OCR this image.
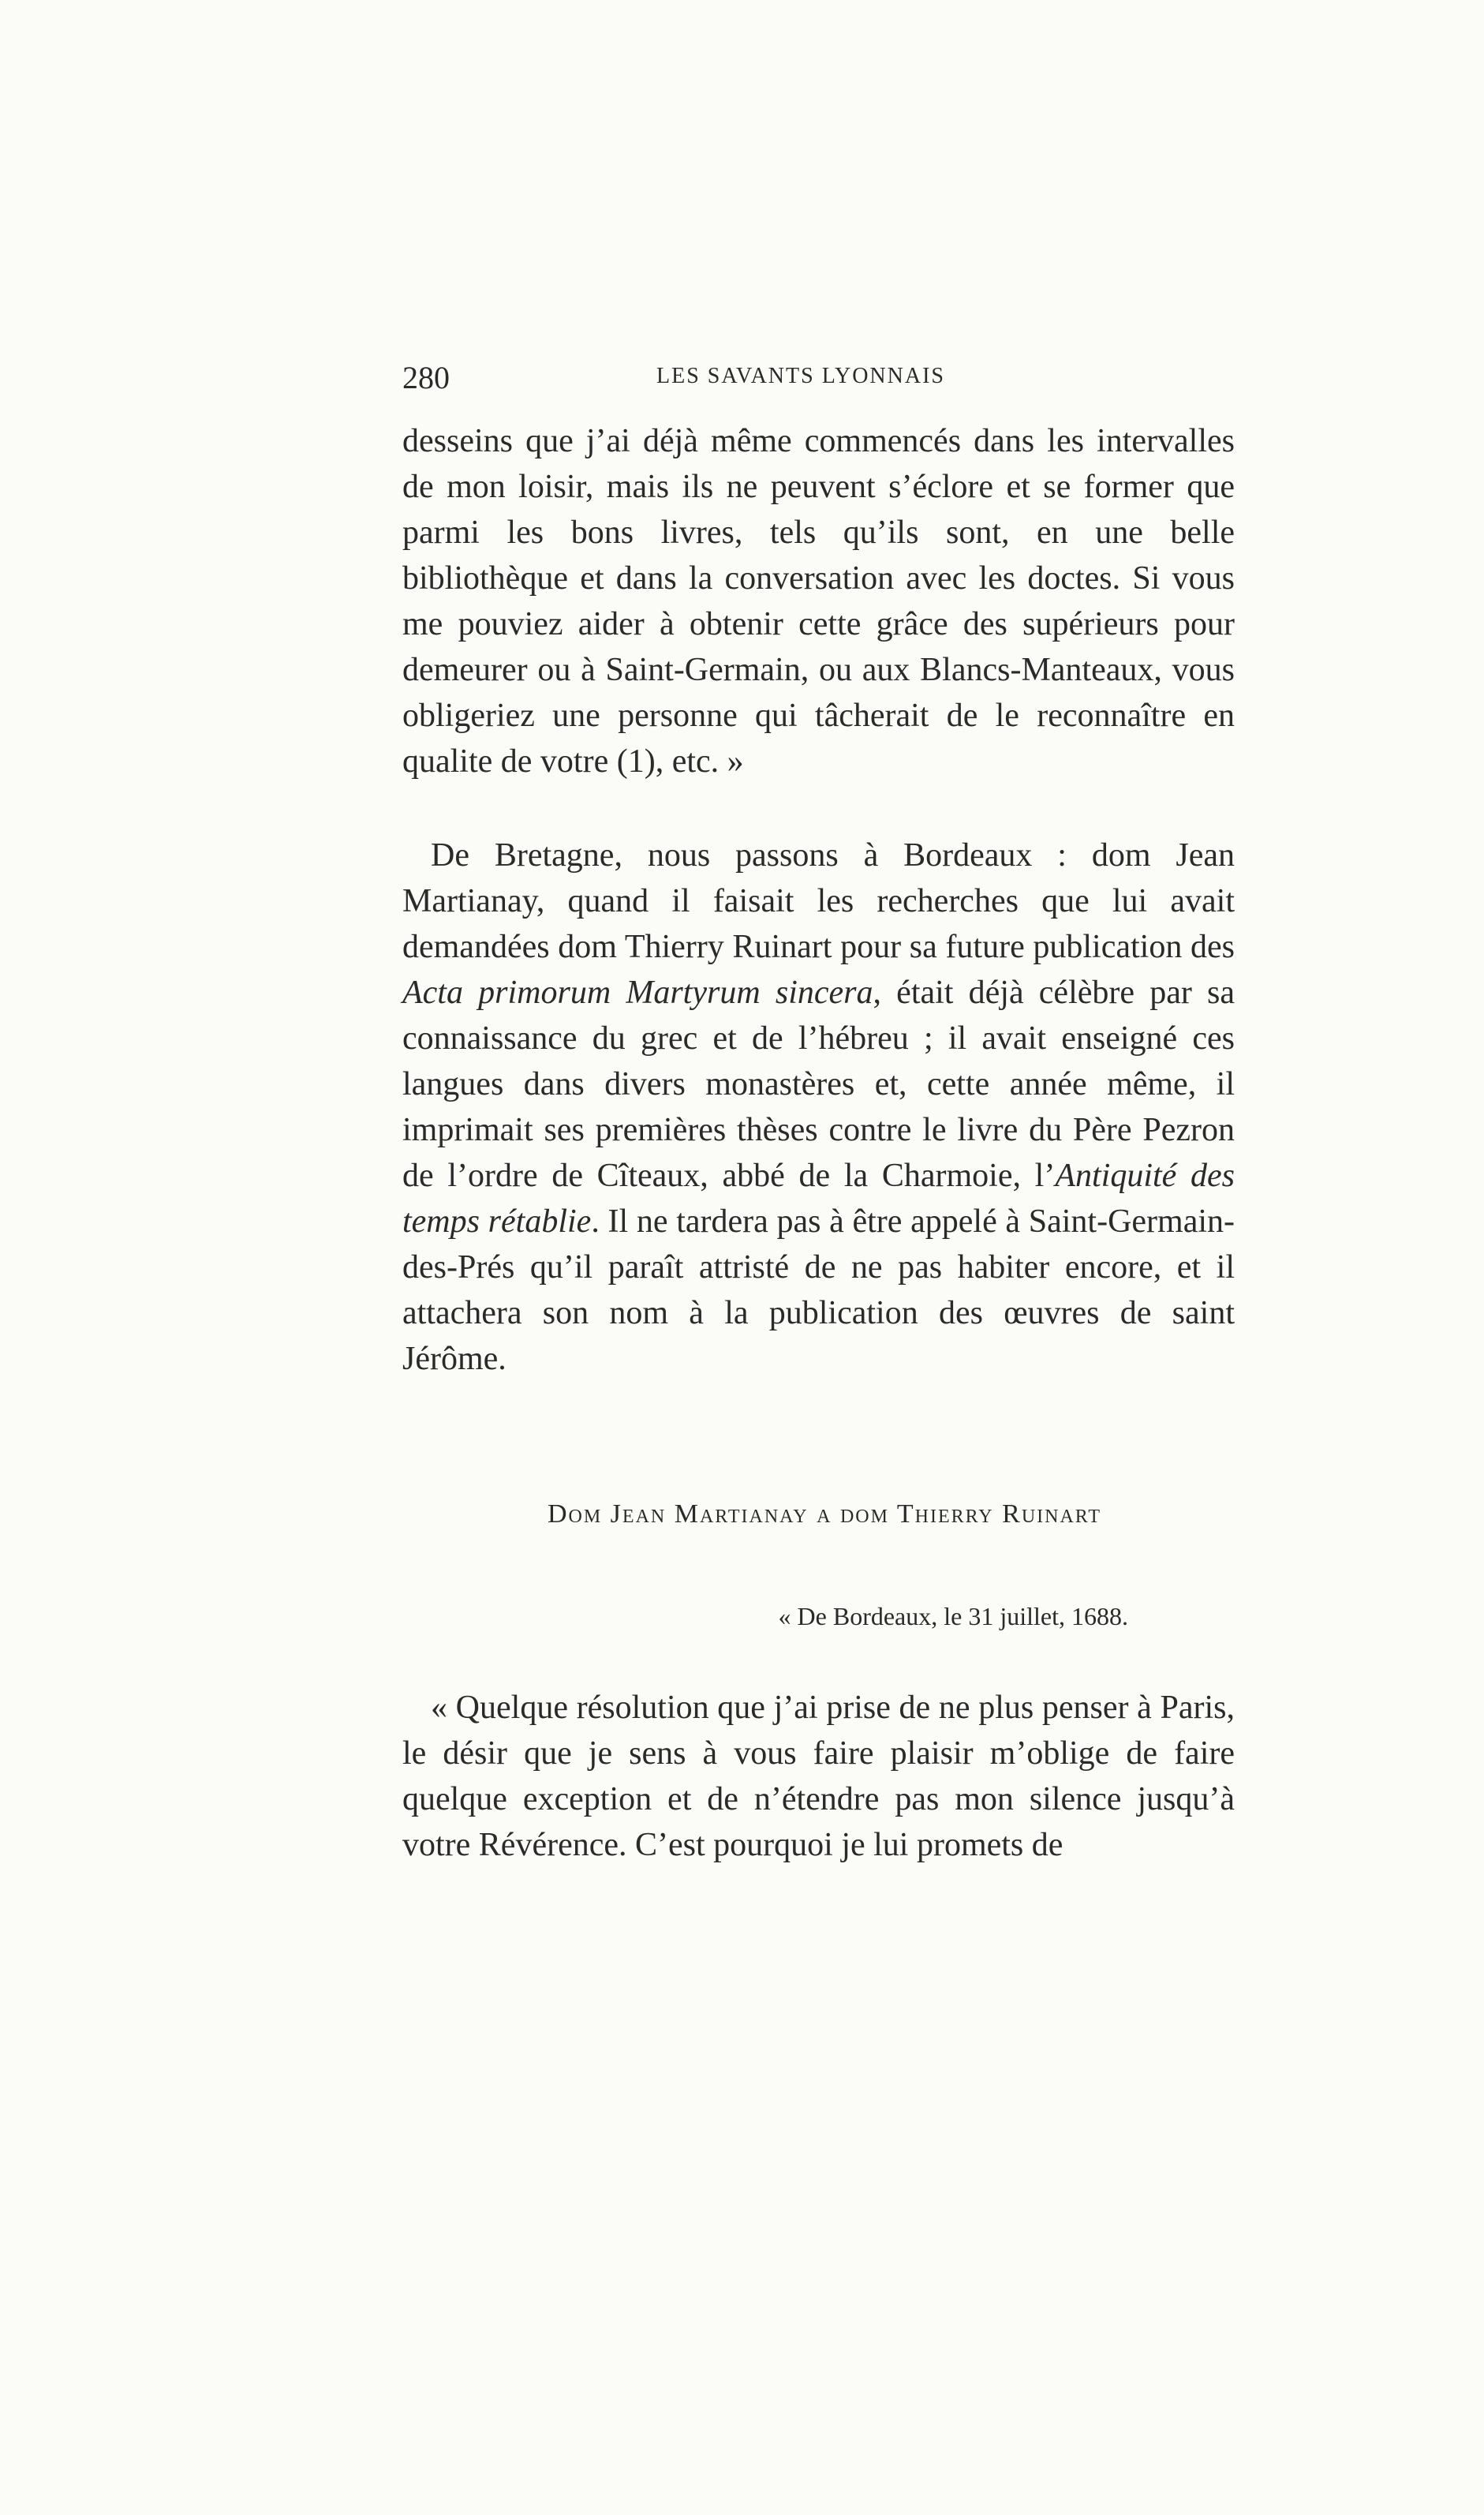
280	LES SAVANTS LYONNAIS

desseins que j’ai déjà même commencés dans les intervalles de mon loisir, mais ils ne peuvent s’éclore et se former que parmi les bons livres, tels qu’ils sont, en une belle bibliothèque et dans la conversation avec les doctes. Si vous me pouviez aider à obtenir cette grâce des supérieurs pour demeurer ou à Saint-Germain, ou aux Blancs-Manteaux, vous obligeriez une personne qui tâcherait de le reconnaître en qualite de votre (1), etc. »

De Bretagne, nous passons à Bordeaux : dom Jean Martianay, quand il faisait les recherches que lui avait demandées dom Thierry Ruinart pour sa future publication des Acta primorum Martyrum sincera, était déjà célèbre par sa connaissance du grec et de l’hébreu ; il avait enseigné ces langues dans divers monastères et, cette année même, il imprimait ses premières thèses contre le livre du Père Pezron de l’ordre de Cîteaux, abbé de la Charmoie, l’Antiquité des temps rétablie. Il ne tardera pas à être appelé à Saint-Germain-des-Prés qu’il paraît attristé de ne pas habiter encore, et il attachera son nom à la publication des œuvres de saint Jérôme.

Dom Jean Martianay a dom Thierry Ruinart
« De Bordeaux, le 31 juillet, 1688.

« Quelque résolution que j’ai prise de ne plus penser à Paris, le désir que je sens à vous faire plaisir m’oblige de faire quelque exception et de n’étendre pas mon silence jusqu’à votre Révérence. C’est pourquoi je lui promets de
